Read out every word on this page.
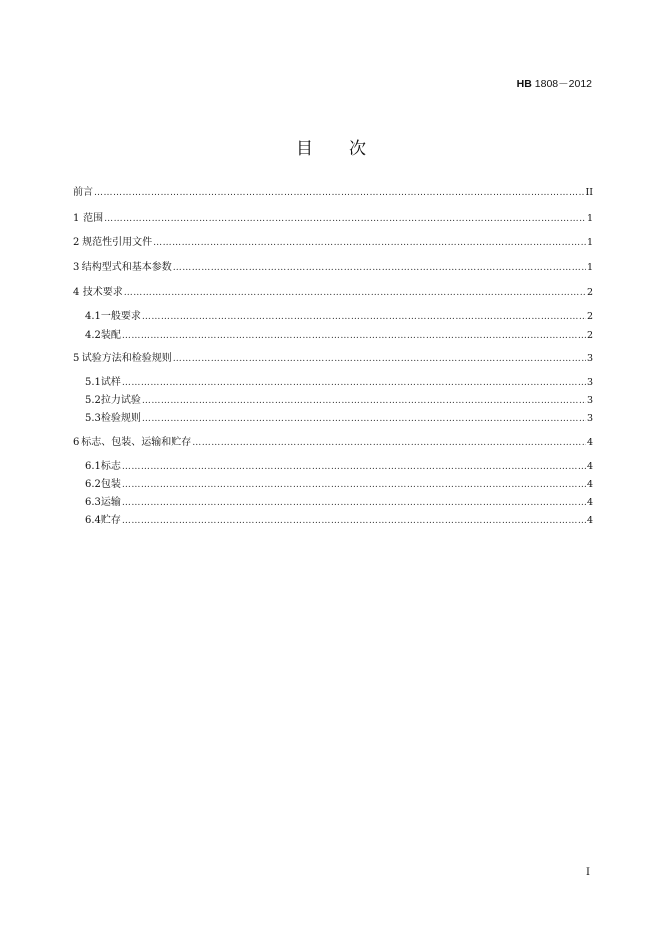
HB 1808－2012
目次
前言 ………………………………………………………………………………………………………………………………………………………………………………………………………………………………………………	II
1 范围 ………………………………………………………………………………………………………………………………………………………………………………………………………………………………………………	1
2 规范性引用文件 ………………………………………………………………………………………………………………………………………………………………………………………………………………………………………………	1
3 结构型式和基本参数 ………………………………………………………………………………………………………………………………………………………………………………………………………………………………………………	1
4 技术要求 ………………………………………………………………………………………………………………………………………………………………………………………………………………………………………………	2
4.1 一般要求 ………………………………………………………………………………………………………………………………………………………………………………………………………………………………………………	2
4.2 装配 ………………………………………………………………………………………………………………………………………………………………………………………………………………………………………………	2
5 试验方法和检验规则 ………………………………………………………………………………………………………………………………………………………………………………………………………………………………………………	3
5.1 试样 ………………………………………………………………………………………………………………………………………………………………………………………………………………………………………………	3
5.2 拉力试验 ………………………………………………………………………………………………………………………………………………………………………………………………………………………………………………	3
5.3 检验规则 ………………………………………………………………………………………………………………………………………………………………………………………………………………………………………………	3
6 标志、包装、运输和贮存 ………………………………………………………………………………………………………………………………………………………………………………………………………………………………………………	4
6.1 标志 ………………………………………………………………………………………………………………………………………………………………………………………………………………………………………………	4
6.2 包装 ………………………………………………………………………………………………………………………………………………………………………………………………………………………………………………	4
6.3 运输 ………………………………………………………………………………………………………………………………………………………………………………………………………………………………………………	4
6.4 贮存 ………………………………………………………………………………………………………………………………………………………………………………………………………………………………………………	4
I
